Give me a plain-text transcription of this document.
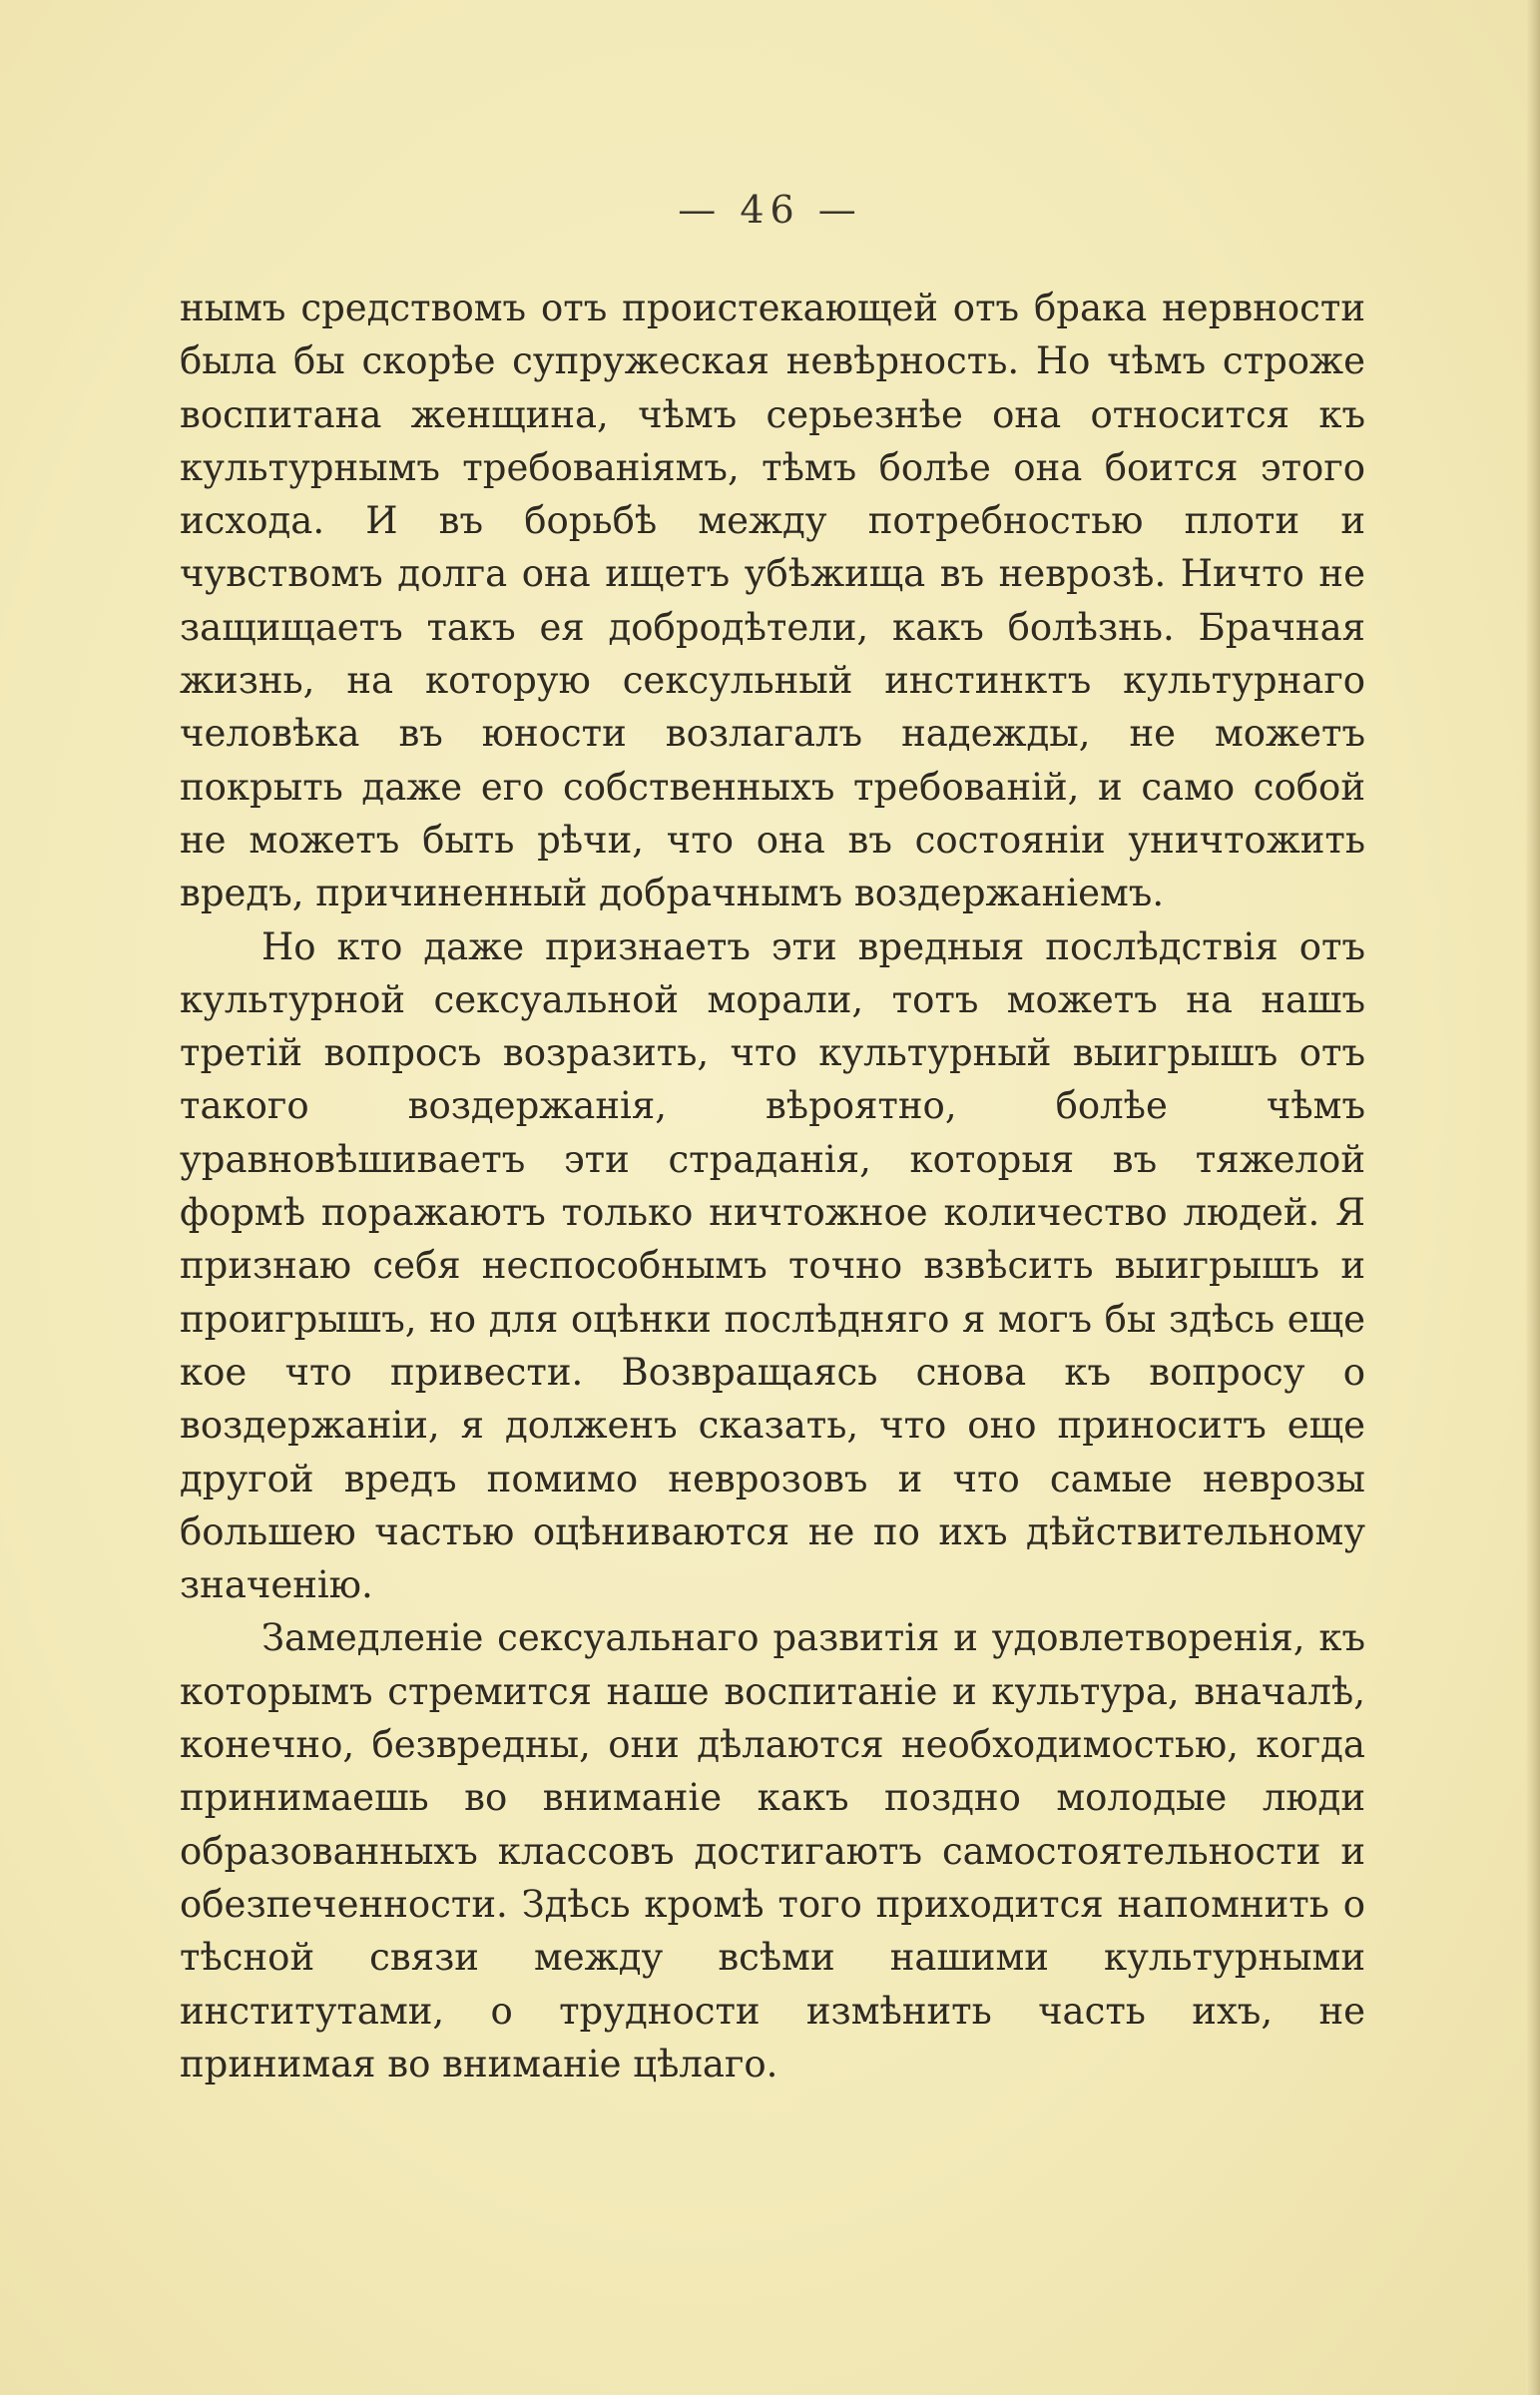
— 46 —

нымъ средствомъ отъ проистекающей отъ брака нервности была бы скорѣе супружеская невѣрность. Но чѣмъ строже воспитана женщина, чѣмъ серьезнѣе она относится къ культурнымъ требованіямъ, тѣмъ болѣе она боится этого исхода. И въ борьбѣ между потребностью плоти и чувствомъ долга она ищетъ убѣжища въ неврозѣ. Ничто не защищаетъ такъ ея добродѣтели, какъ болѣзнь. Брачная жизнь, на которую сексульный инстинктъ культурнаго человѣка въ юности возлагалъ надежды, не можетъ покрыть даже его собственныхъ требованій, и само собой не можетъ быть рѣчи, что она въ состояніи уничтожить вредъ, причиненный добрачнымъ воздержаніемъ.

Но кто даже признаетъ эти вредныя послѣдствія отъ культурной сексуальной морали, тотъ можетъ на нашъ третій вопросъ возразить, что культурный выигрышъ отъ такого воздержанія, вѣроятно, болѣе чѣмъ уравновѣшиваетъ эти страданія, которыя въ тяжелой формѣ поражаютъ только ничтожное количество людей. Я признаю себя неспособнымъ точно взвѣсить выигрышъ и проигрышъ, но для оцѣнки послѣдняго я могъ бы здѣсь еще кое что привести. Возвращаясь снова къ вопросу о воздержаніи, я долженъ сказать, что оно приноситъ еще другой вредъ помимо неврозовъ и что самые неврозы большею частью оцѣниваются не по ихъ дѣйствительному значенію.

Замедленіе сексуальнаго развитія и удовлетворенія, къ которымъ стремится наше воспитаніе и культура, вначалѣ, конечно, безвредны, они дѣлаются необходимостью, когда принимаешь во вниманіе какъ поздно молодые люди образованныхъ классовъ достигаютъ самостоятельности и обезпеченности. Здѣсь кромѣ того приходится напомнить о тѣсной связи между всѣми нашими культурными институтами, о трудности измѣнить часть ихъ, не принимая во вниманіе цѣлаго.
